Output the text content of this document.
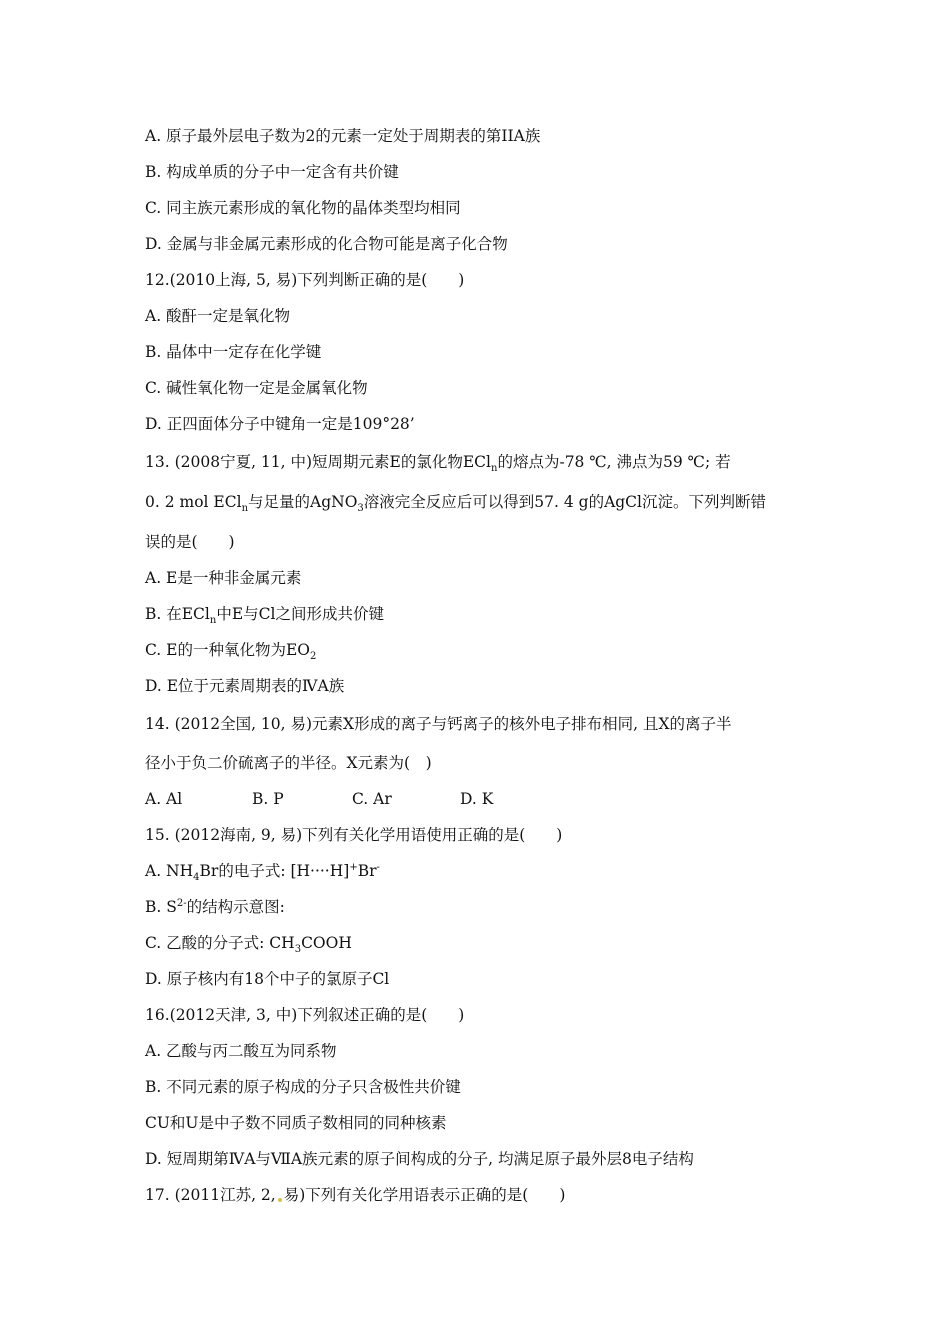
A. 原子最外层电子数为2的元素一定处于周期表的第IIA族
B. 构成单质的分子中一定含有共价键
C. 同主族元素形成的氧化物的晶体类型均相同
D. 金属与非金属元素形成的化合物可能是离子化合物
12.(2010上海, 5, 易)下列判断正确的是(　　)
A. 酸酐一定是氧化物
B. 晶体中一定存在化学键
C. 碱性氧化物一定是金属氧化物
D. 正四面体分子中键角一定是109°28’
13. (2008宁夏, 11, 中)短周期元素E的氯化物ECl$_n$的熔点为-78 ℃, 沸点为59 ℃; 若
0. 2 mol ECl$_n$与足量的AgNO$_3$溶液完全反应后可以得到57. 4 g的AgCl沉淀。下列判断错
误的是(　　)
A. E是一种非金属元素
B. 在ECl$_n$中E与Cl之间形成共价键
C. E的一种氧化物为$EO_2$
D. E位于元素周期表的ⅣA族
14. (2012全国, 10, 易)元素X形成的离子与钙离子的核外电子排布相同, 且X的离子半
径小于负二价硫离子的半径。X元素为(　)
A. Al	B. P	C. Ar	D. K
15. (2012海南, 9, 易)下列有关化学用语使用正确的是(　　)
A. $NH_4Br$的电子式: [H····H]+Br-
B. $S^{2-}$的结构示意图:
C. 乙酸的分子式: $CH_3COOH$
D. 原子核内有18个中子的氯原子Cl
16.(2012天津, 3, 中)下列叙述正确的是(　　)
A. 乙酸与丙二酸互为同系物
B. 不同元素的原子构成的分子只含极性共价键
CU和U是中子数不同质子数相同的同种核素
D. 短周期第ⅣA与ⅦA族元素的原子间构成的分子, 均满足原子最外层8电子结构
17. (2011江苏, 2, 易)下列有关化学用语表示正确的是(　　)
